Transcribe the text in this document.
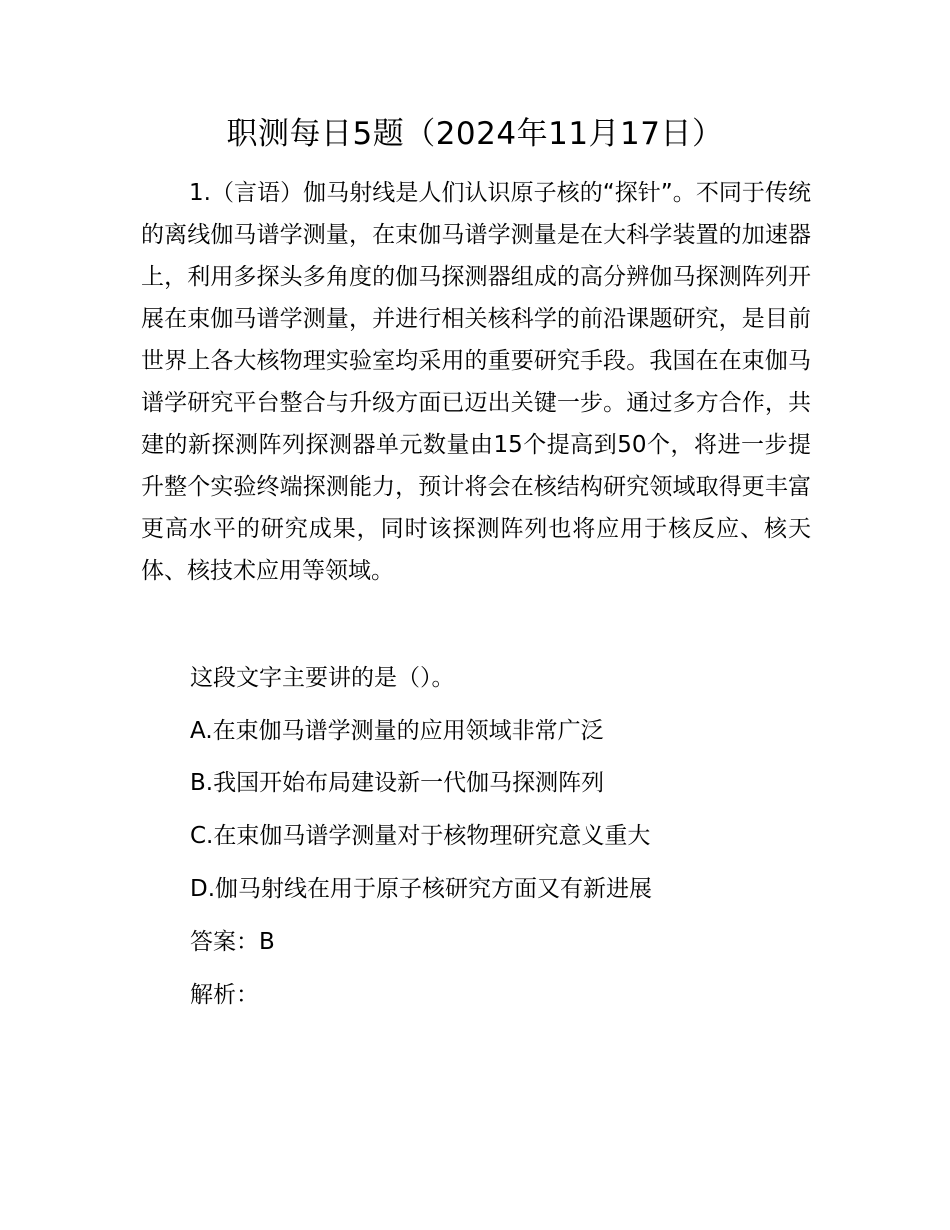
职测每日5题（2024年11月17日）
1.（言语）伽马射线是人们认识原子核的“探针”。不同于传统的离线伽马谱学测量，在束伽马谱学测量是在大科学装置的加速器上，利用多探头多角度的伽马探测器组成的高分辨伽马探测阵列开展在束伽马谱学测量，并进行相关核科学的前沿课题研究，是目前世界上各大核物理实验室均采用的重要研究手段。我国在在束伽马谱学研究平台整合与升级方面已迈出关键一步。通过多方合作，共建的新探测阵列探测器单元数量由15个提高到50个，将进一步提升整个实验终端探测能力，预计将会在核结构研究领域取得更丰富更高水平的研究成果，同时该探测阵列也将应用于核反应、核天体、核技术应用等领域。
这段文字主要讲的是（）。
A.在束伽马谱学测量的应用领域非常广泛
B.我国开始布局建设新一代伽马探测阵列
C.在束伽马谱学测量对于核物理研究意义重大
D.伽马射线在用于原子核研究方面又有新进展
答案：B
解析：
